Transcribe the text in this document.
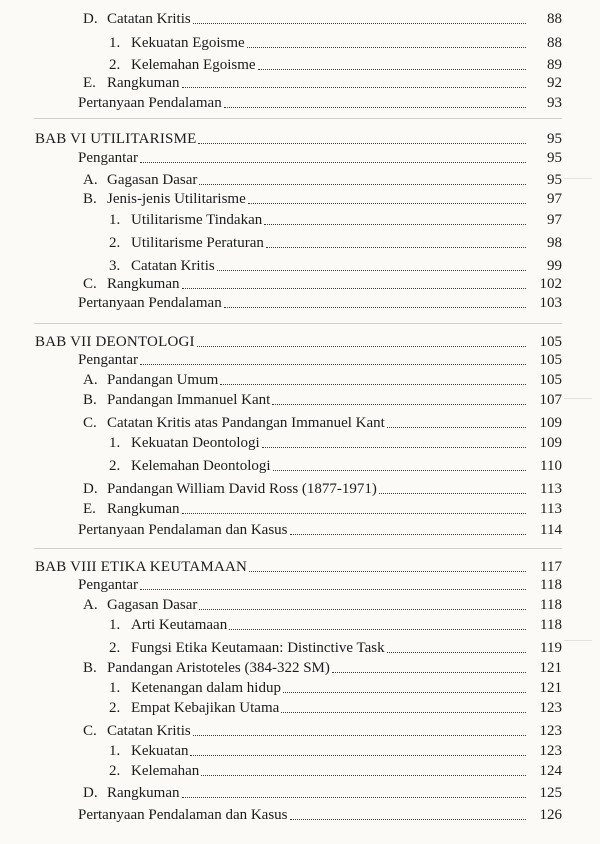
D. Catatan Kritis	88
1. Kekuatan Egoisme	88
2. Kelemahan Egoisme	89
E. Rangkuman	92
Pertanyaan Pendalaman	93
BAB VI UTILITARISME	95
Pengantar	95
A. Gagasan Dasar	95
B. Jenis-jenis Utilitarisme	97
1. Utilitarisme Tindakan	97
2. Utilitarisme Peraturan	98
3. Catatan Kritis	99
C. Rangkuman	102
Pertanyaan Pendalaman	103
BAB VII DEONTOLOGI	105
Pengantar	105
A. Pandangan Umum	105
B. Pandangan Immanuel Kant	107
C. Catatan Kritis atas Pandangan Immanuel Kant	109
1. Kekuatan Deontologi	109
2. Kelemahan Deontologi	110
D. Pandangan William David Ross (1877-1971)	113
E. Rangkuman	113
Pertanyaan Pendalaman dan Kasus	114
BAB VIII ETIKA KEUTAMAAN	117
Pengantar	118
A. Gagasan Dasar	118
1. Arti Keutamaan	118
2. Fungsi Etika Keutamaan: Distinctive Task	119
B. Pandangan Aristoteles (384-322 SM)	121
1. Ketenangan dalam hidup	121
2. Empat Kebajikan Utama	123
C. Catatan Kritis	123
1. Kekuatan	123
2. Kelemahan	124
D. Rangkuman	125
Pertanyaan Pendalaman dan Kasus	126
